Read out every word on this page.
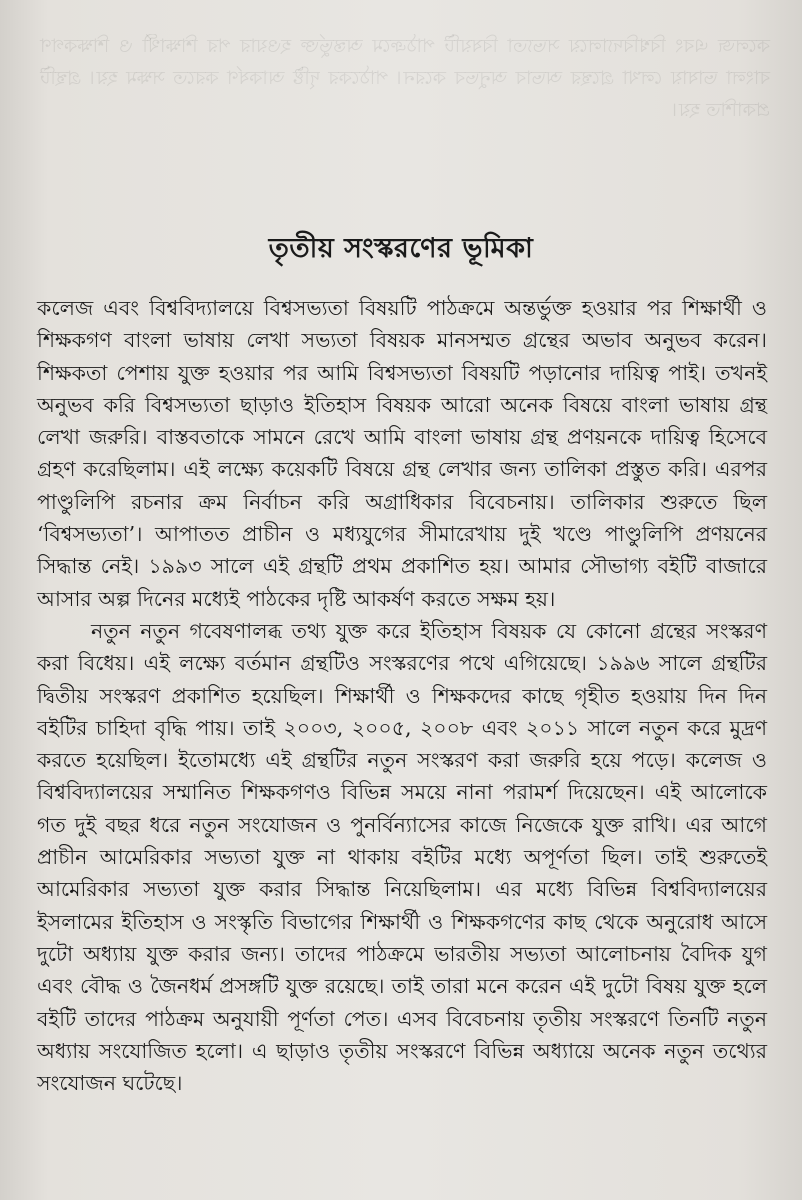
কলেজ এবং বিশ্ববিদ্যালয়ে সভ্যতা বিষয়টি পাঠক্রমে অন্তর্ভুক্ত হওয়ার পর শিক্ষার্থী ও শিক্ষকগণ বাংলা ভাষায় লেখা গ্রন্থের অভাব অনুভব করেন। পাঠকের দৃষ্টি আকর্ষণ করতে সক্ষম হয়। গ্রন্থটি প্রকাশিত হয়।

তৃতীয় সংস্করণের ভূমিকা

কলেজ এবং বিশ্ববিদ্যালয়ে বিশ্বসভ্যতা বিষয়টি পাঠক্রমে অন্তর্ভুক্ত হওয়ার পর শিক্ষার্থী ও শিক্ষকগণ বাংলা ভাষায় লেখা সভ্যতা বিষয়ক মানসম্মত গ্রন্থের অভাব অনুভব করেন। শিক্ষকতা পেশায় যুক্ত হওয়ার পর আমি বিশ্বসভ্যতা বিষয়টি পড়ানোর দায়িত্ব পাই। তখনই অনুভব করি বিশ্বসভ্যতা ছাড়াও ইতিহাস বিষয়ক আরো অনেক বিষয়ে বাংলা ভাষায় গ্রন্থ লেখা জরুরি। বাস্তবতাকে সামনে রেখে আমি বাংলা ভাষায় গ্রন্থ প্রণয়নকে দায়িত্ব হিসেবে গ্রহণ করেছিলাম। এই লক্ষ্যে কয়েকটি বিষয়ে গ্রন্থ লেখার জন্য তালিকা প্রস্তুত করি। এরপর পাণ্ডুলিপি রচনার ক্রম নির্বাচন করি অগ্রাধিকার বিবেচনায়। তালিকার শুরুতে ছিল ‘বিশ্বসভ্যতা’। আপাতত প্রাচীন ও মধ্যযুগের সীমারেখায় দুই খণ্ডে পাণ্ডুলিপি প্রণয়নের সিদ্ধান্ত নেই। ১৯৯৩ সালে এই গ্রন্থটি প্রথম প্রকাশিত হয়। আমার সৌভাগ্য বইটি বাজারে আসার অল্প দিনের মধ্যেই পাঠকের দৃষ্টি আকর্ষণ করতে সক্ষম হয়।

নতুন নতুন গবেষণালব্ধ তথ্য যুক্ত করে ইতিহাস বিষয়ক যে কোনো গ্রন্থের সংস্করণ করা বিধেয়। এই লক্ষ্যে বর্তমান গ্রন্থটিও সংস্করণের পথে এগিয়েছে। ১৯৯৬ সালে গ্রন্থটির দ্বিতীয় সংস্করণ প্রকাশিত হয়েছিল। শিক্ষার্থী ও শিক্ষকদের কাছে গৃহীত হওয়ায় দিন দিন বইটির চাহিদা বৃদ্ধি পায়। তাই ২০০৩, ২০০৫, ২০০৮ এবং ২০১১ সালে নতুন করে মুদ্রণ করতে হয়েছিল। ইতোমধ্যে এই গ্রন্থটির নতুন সংস্করণ করা জরুরি হয়ে পড়ে। কলেজ ও বিশ্ববিদ্যালয়ের সম্মানিত শিক্ষকগণও বিভিন্ন সময়ে নানা পরামর্শ দিয়েছেন। এই আলোকে গত দুই বছর ধরে নতুন সংযোজন ও পুনর্বিন্যাসের কাজে নিজেকে যুক্ত রাখি। এর আগে প্রাচীন আমেরিকার সভ্যতা যুক্ত না থাকায় বইটির মধ্যে অপূর্ণতা ছিল। তাই শুরুতেই আমেরিকার সভ্যতা যুক্ত করার সিদ্ধান্ত নিয়েছিলাম। এর মধ্যে বিভিন্ন বিশ্ববিদ্যালয়ের ইসলামের ইতিহাস ও সংস্কৃতি বিভাগের শিক্ষার্থী ও শিক্ষকগণের কাছ থেকে অনুরোধ আসে দুটো অধ্যায় যুক্ত করার জন্য। তাদের পাঠক্রমে ভারতীয় সভ্যতা আলোচনায় বৈদিক যুগ এবং বৌদ্ধ ও জৈনধর্ম প্রসঙ্গটি যুক্ত রয়েছে। তাই তারা মনে করেন এই দুটো বিষয় যুক্ত হলে বইটি তাদের পাঠক্রম অনুযায়ী পূর্ণতা পেত। এসব বিবেচনায় তৃতীয় সংস্করণে তিনটি নতুন অধ্যায় সংযোজিত হলো। এ ছাড়াও তৃতীয় সংস্করণে বিভিন্ন অধ্যায়ে অনেক নতুন তথ্যের সংযোজন ঘটেছে।
